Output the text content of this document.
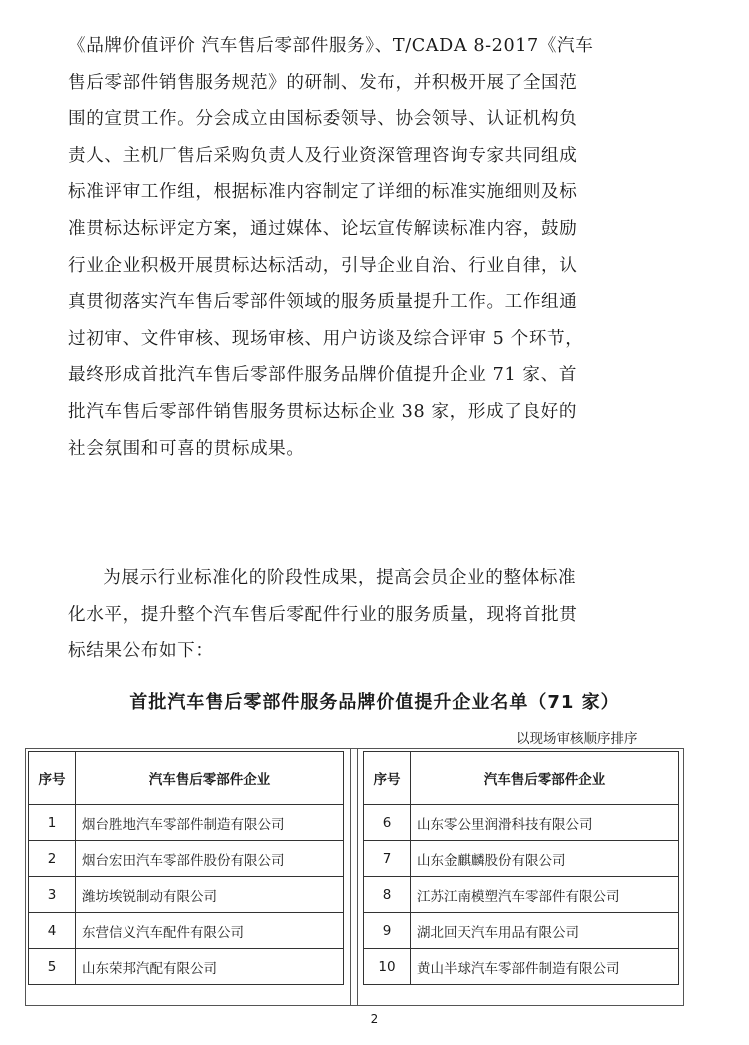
《品牌价值评价 汽车售后零部件服务》、T/CADA 8-2017《汽车
售后零部件销售服务规范》的研制、发布，并积极开展了全国范
围的宣贯工作。分会成立由国标委领导、协会领导、认证机构负
责人、主机厂售后采购负责人及行业资深管理咨询专家共同组成
标准评审工作组，根据标准内容制定了详细的标准实施细则及标
准贯标达标评定方案，通过媒体、论坛宣传解读标准内容，鼓励
行业企业积极开展贯标达标活动，引导企业自治、行业自律，认
真贯彻落实汽车售后零部件领域的服务质量提升工作。工作组通
过初审、文件审核、现场审核、用户访谈及综合评审 5 个环节，
最终形成首批汽车售后零部件服务品牌价值提升企业 71 家、首
批汽车售后零部件销售服务贯标达标企业 38 家，形成了良好的
社会氛围和可喜的贯标成果。

为展示行业标准化的阶段性成果，提高会员企业的整体标准
化水平，提升整个汽车售后零配件行业的服务质量，现将首批贯
标结果公布如下：

首批汽车售后零部件服务品牌价值提升企业名单（71 家）
以现场审核顺序排序
序号	汽车售后零部件企业
1	烟台胜地汽车零部件制造有限公司
2	烟台宏田汽车零部件股份有限公司
3	潍坊埃锐制动有限公司
4	东营信义汽车配件有限公司
5	山东荣邦汽配有限公司
序号	汽车售后零部件企业
6	山东零公里润滑科技有限公司
7	山东金麒麟股份有限公司
8	江苏江南模塑汽车零部件有限公司
9	湖北回天汽车用品有限公司
10	黄山半球汽车零部件制造有限公司
2
